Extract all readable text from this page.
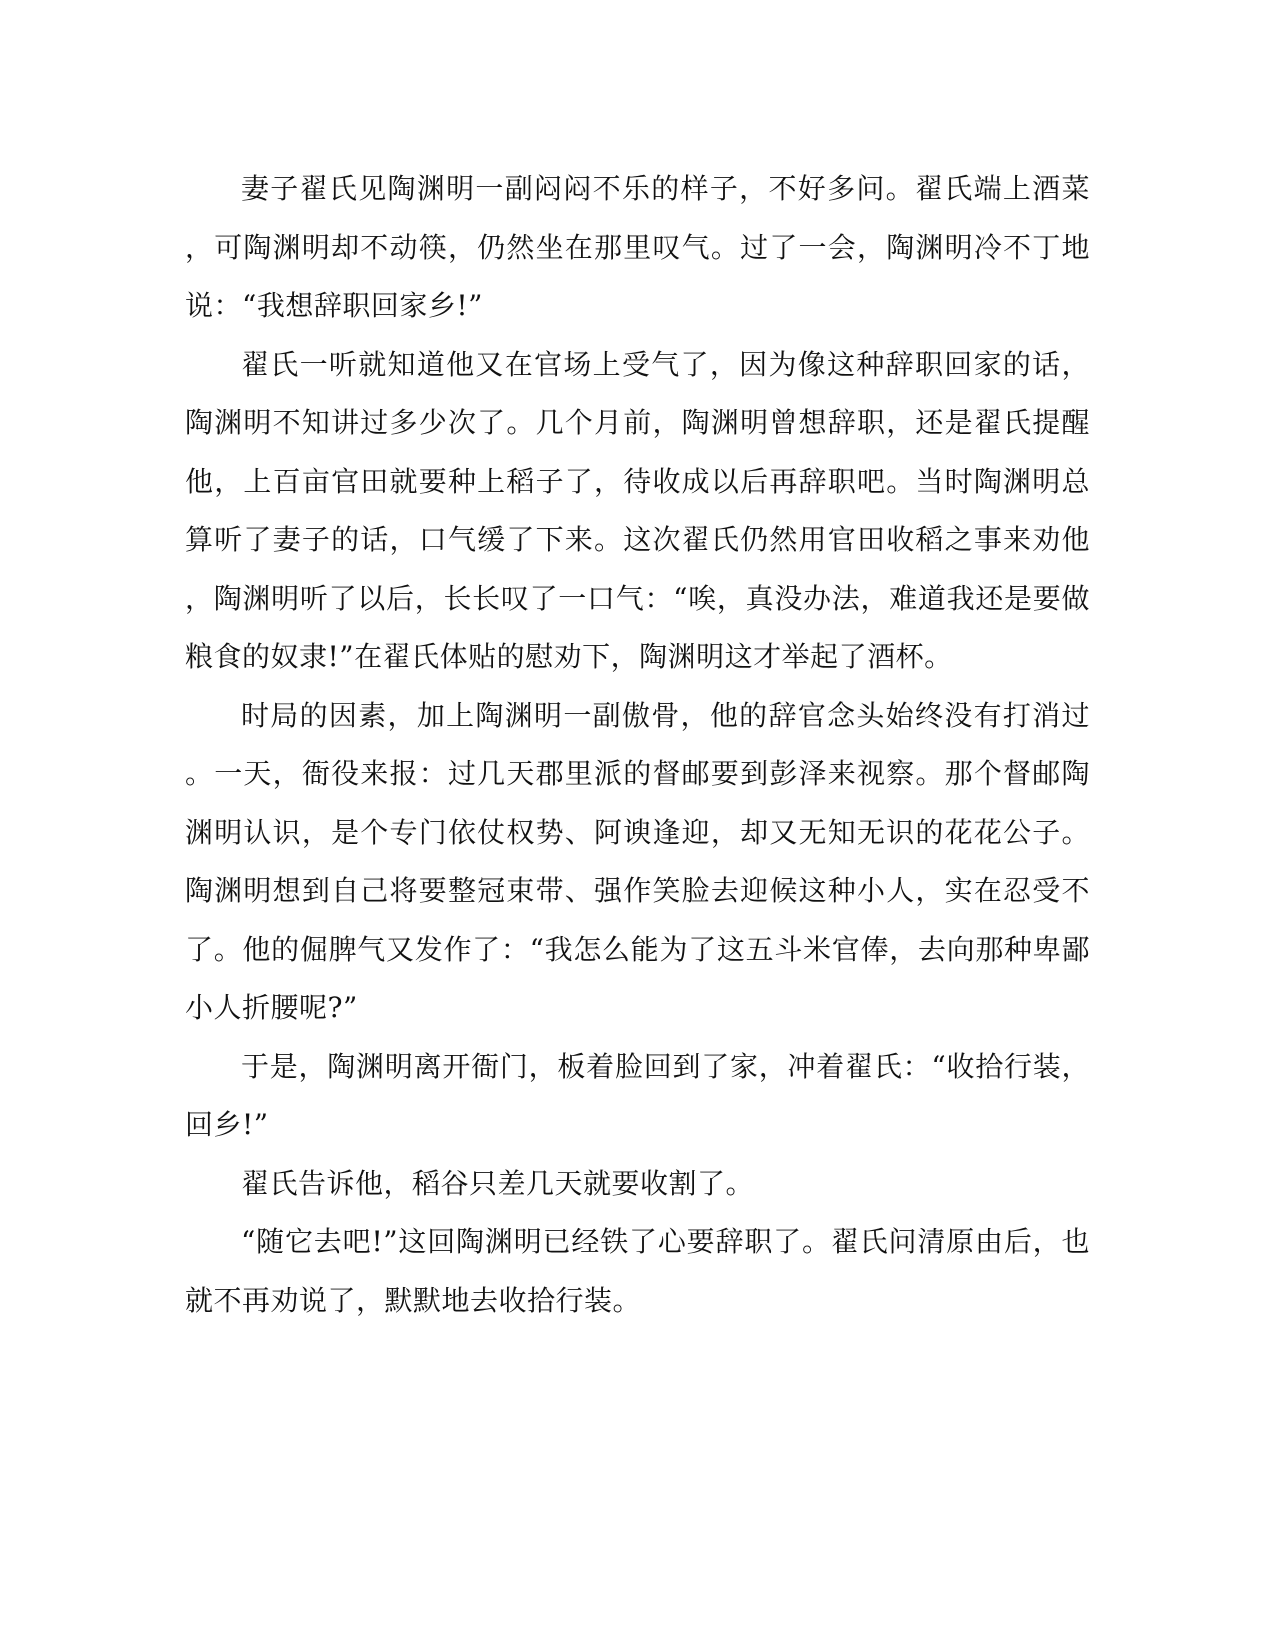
妻子翟氏见陶渊明一副闷闷不乐的样子，不好多问。翟氏端上酒菜，可陶渊明却不动筷，仍然坐在那里叹气。过了一会，陶渊明冷不丁地说：“我想辞职回家乡!”

翟氏一听就知道他又在官场上受气了，因为像这种辞职回家的话，陶渊明不知讲过多少次了。几个月前，陶渊明曾想辞职，还是翟氏提醒他，上百亩官田就要种上稻子了，待收成以后再辞职吧。当时陶渊明总算听了妻子的话，口气缓了下来。这次翟氏仍然用官田收稻之事来劝他，陶渊明听了以后，长长叹了一口气：“唉，真没办法，难道我还是要做粮食的奴隶!”在翟氏体贴的慰劝下，陶渊明这才举起了酒杯。

时局的因素，加上陶渊明一副傲骨，他的辞官念头始终没有打消过。一天，衙役来报：过几天郡里派的督邮要到彭泽来视察。那个督邮陶渊明认识，是个专门依仗权势、阿谀逢迎，却又无知无识的花花公子。陶渊明想到自己将要整冠束带、强作笑脸去迎候这种小人，实在忍受不了。他的倔脾气又发作了：“我怎么能为了这五斗米官俸，去向那种卑鄙小人折腰呢?”

于是，陶渊明离开衙门，板着脸回到了家，冲着翟氏：“收拾行装，回乡!”

翟氏告诉他，稻谷只差几天就要收割了。

“随它去吧!”这回陶渊明已经铁了心要辞职了。翟氏问清原由后，也就不再劝说了，默默地去收拾行装。
